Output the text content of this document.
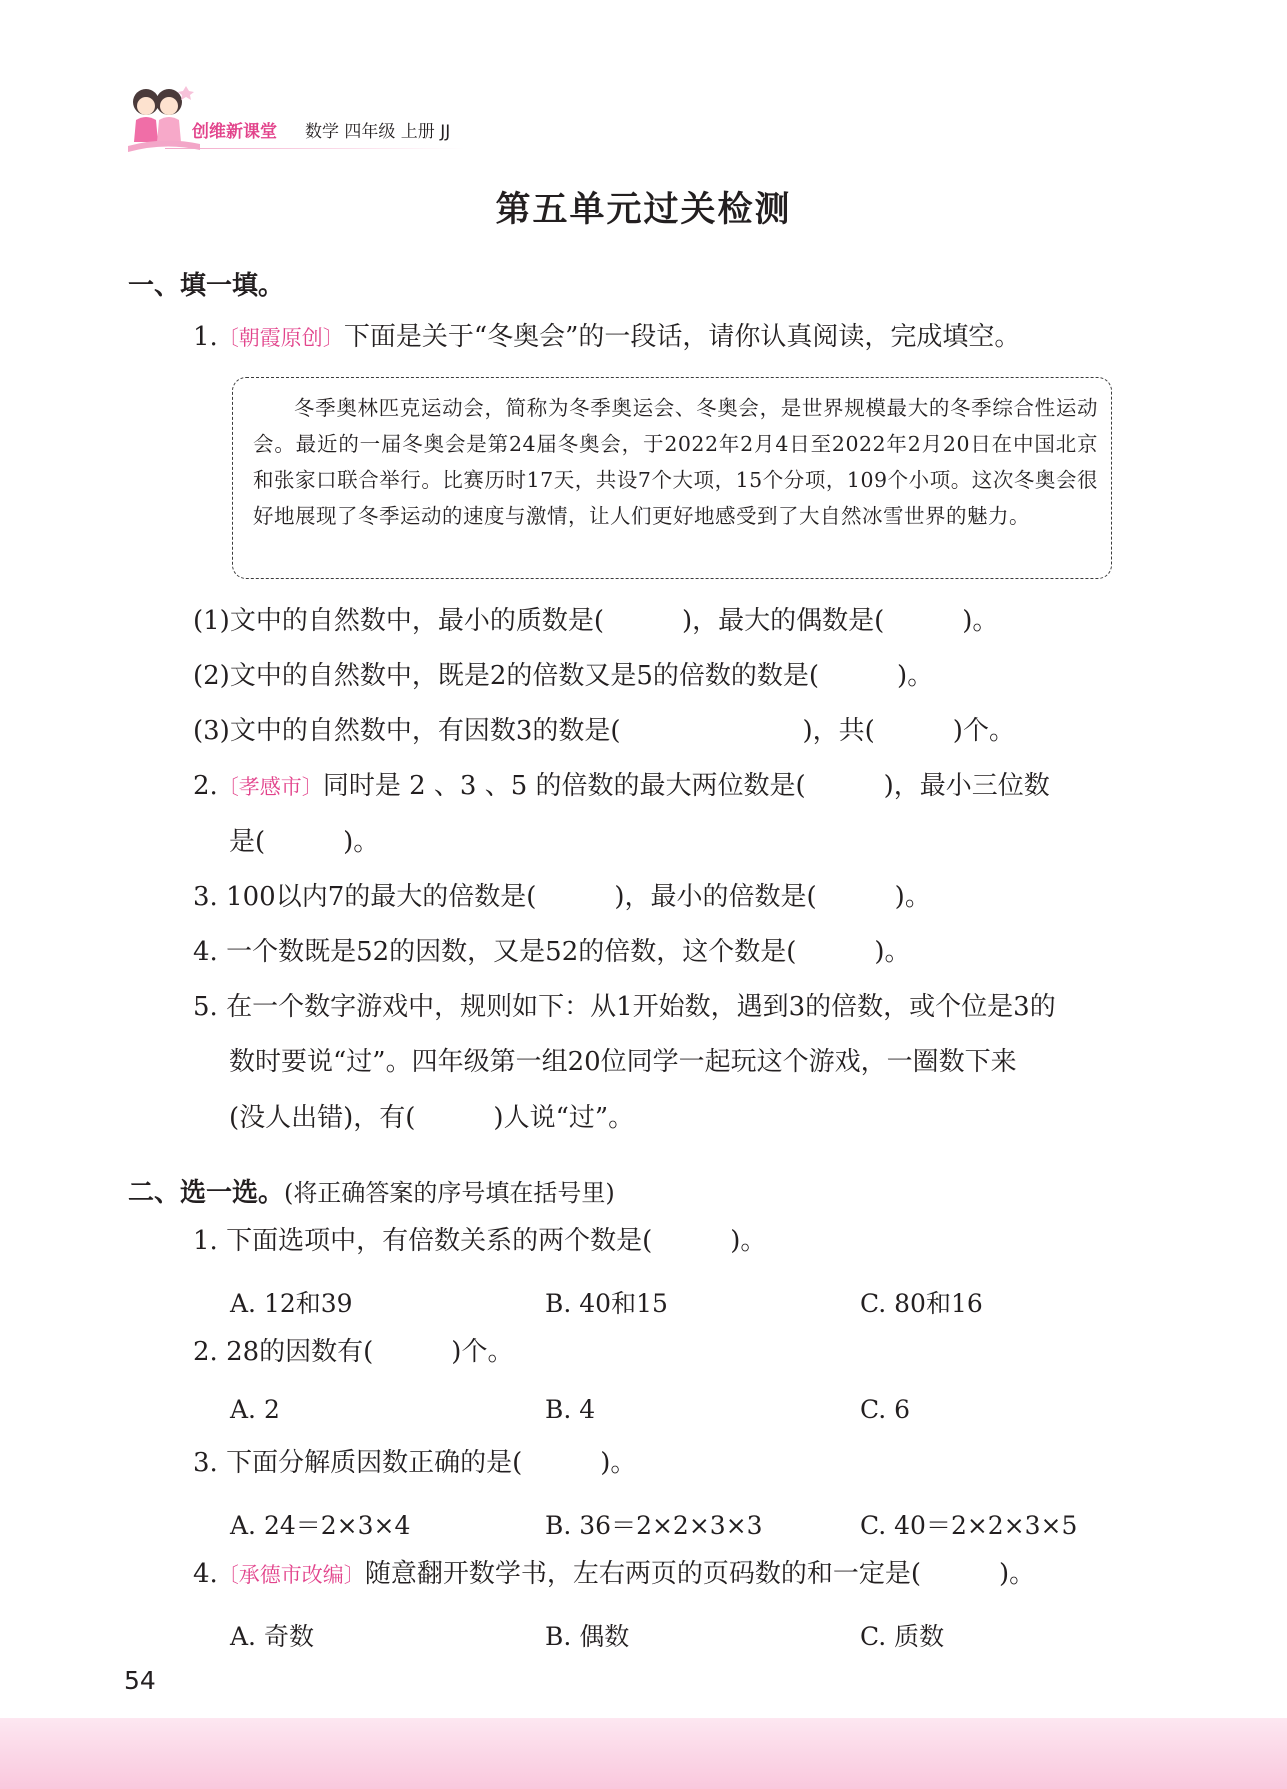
创维新课堂 数学 四年级 上册 JJ
第五单元过关检测
一、填一填。
1.〔朝霞原创〕下面是关于“冬奥会”的一段话，请你认真阅读，完成填空。
冬季奥林匹克运动会，简称为冬季奥运会、冬奥会，是世界规模最大的冬季综合性运动会。最近的一届冬奥会是第24届冬奥会，于2022年2月4日至2022年2月20日在中国北京和张家口联合举行。比赛历时17天，共设7个大项，15个分项，109个小项。这次冬奥会很好地展现了冬季运动的速度与激情，让人们更好地感受到了大自然冰雪世界的魅力。
(1)文中的自然数中，最小的质数是(　　　)，最大的偶数是(　　　)。
(2)文中的自然数中，既是2的倍数又是5的倍数的数是(　　　)。
(3)文中的自然数中，有因数3的数是(　　　　　　　)，共(　　　)个。
2.〔孝感市〕同时是 2 、3 、5 的倍数的最大两位数是(　　　)，最小三位数
是(　　　)。
3. 100以内7的最大的倍数是(　　　)，最小的倍数是(　　　)。
4. 一个数既是52的因数，又是52的倍数，这个数是(　　　)。
5. 在一个数字游戏中，规则如下：从1开始数，遇到3的倍数，或个位是3的
数时要说“过”。四年级第一组20位同学一起玩这个游戏，一圈数下来
(没人出错)，有(　　　)人说“过”。
二、选一选。(将正确答案的序号填在括号里)
1. 下面选项中，有倍数关系的两个数是(　　　)。
A. 12和39	B. 40和15	C. 80和16
2. 28的因数有(　　　)个。
A. 2	B. 4	C. 6
3. 下面分解质因数正确的是(　　　)。
A. 24＝2×3×4	B. 36＝2×2×3×3	C. 40＝2×2×3×5
4.〔承德市改编〕随意翻开数学书，左右两页的页码数的和一定是(　　　)。
A. 奇数	B. 偶数	C. 质数
54
